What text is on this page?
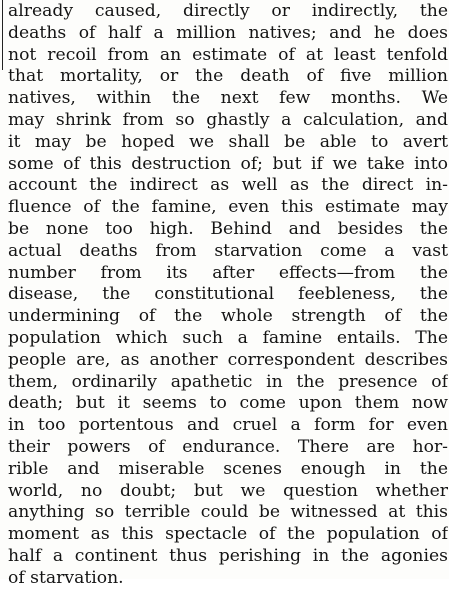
already caused, directly or indirectly, the
deaths of half a million natives; and he does
not recoil from an estimate of at least tenfold
that mortality, or the death of five million
natives, within the next few months. We
may shrink from so ghastly a calculation, and
it may be hoped we shall be able to avert
some of this destruction of; but if we take into
account the indirect as well as the direct in-
fluence of the famine, even this estimate may
be none too high. Behind and besides the
actual deaths from starvation come a vast
number from its after effects—from the
disease, the constitutional feebleness, the
undermining of the whole strength of the
population which such a famine entails. The
people are, as another correspondent describes
them, ordinarily apathetic in the presence of
death; but it seems to come upon them now
in too portentous and cruel a form for even
their powers of endurance. There are hor-
rible and miserable scenes enough in the
world, no doubt; but we question whether
anything so terrible could be witnessed at this
moment as this spectacle of the population of
half a continent thus perishing in the agonies
of starvation.
